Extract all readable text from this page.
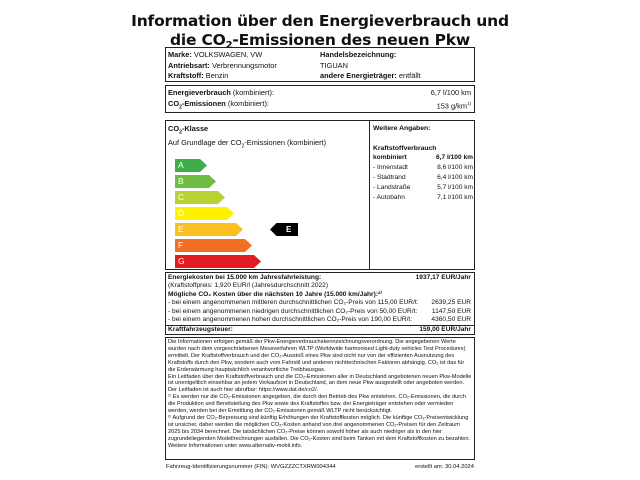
Information über den Energieverbrauch und
die $CO_2$-Emissionen des neuen Pkw
Marke: VOLKSWAGEN, VW
Antriebsart: Verbrennungsmotor
Kraftstoff: Benzin
Handelsbezeichnung:
TIGUAN
andere Energieträger: entfällt
Energieverbrauch (kombiniert):	6,7 l/100 km
$CO_2$-Emissionen (kombiniert):	153 $g/km^{1)}$
$CO_2$-Klasse
Auf Grundlage der $CO_2$-Emissionen (kombiniert)
A
B
C
D
E
F
G
E
Weitere Angaben:
Kraftstoffverbrauch
kombiniert	6,7 l/100 km
- Innenstadt	8,6 l/100 km
- Stadtrand	6,4 l/100 km
- Landstraße	5,7 l/100 km
- Autobahn	7,1 l/100 km
Energiekosten bei 15.000 km Jahresfahrleistung:	1937,17 EUR/Jahr
(Kraftstoffpreis: 1,920 EUR/l (Jahresdurchschnitt 2022)
Mögliche CO₂ Kosten über die nächsten 10 Jahre (15.000 km/Jahr):²⁾
- bei einem angenommenen mittleren durchschnittlichen CO₂-Preis von 115,00 EUR/t: 2639,25 EUR
- bei einem angenommenen niedrigen durchschnittlichen CO₂-Preis von 50,00 EUR/t: 1147,50 EUR
- bei einem angenommenen hohen durchschnittlichen CO₂-Preis von 190,00 EUR/t:	4360,50 EUR
Kraftfahrzeugsteuer:	159,00 EUR/Jahr

Die Informationen erfolgen gemäß der Pkw-Energieverbrauchskennzeichnungsverordnung. Die angegebenen Werte wurden nach dem vorgeschriebenen Messverfahren WLTP (Worldwide harmonised Light-duty vehicles Test Procedures) ermittelt. Der Kraftstoffverbrauch und der CO₂-Ausstoß eines Pkw sind nicht nur von der effizienten Ausnutzung des Kraftstoffs durch den Pkw, sondern auch vom Fahrstil und anderen nichttechnischen Faktoren abhängig. CO₂ ist das für die Erderwärmung hauptsächlich verantwortliche Treibhausgas.

Ein Leitfaden über den Kraftstoffverbrauch und die CO₂-Emissionen aller in Deutschland angebotenen neuen Pkw-Modelle ist unentgeltlich einsehbar an jedem Verkaufsort in Deutschland, an dem neue Pkw ausgestellt oder angeboten werden. Der Leitfaden ist auch hier abrufbar: https://www.dat.de/co2/.

¹⁾ Es werden nur die CO₂-Emissionen angegeben, die durch den Betrieb des Pkw entstehen. CO₂-Emissionen, die durch die Produktion und Bereitstellung des Pkw sowie des Kraftstoffes bzw. der Energieträger entstehen oder vermieden werden, werden bei der Ermittlung der CO₂-Emissionen gemäß WLTP nicht berücksichtigt.

²⁾ Aufgrund der CO₂-Bepreisung sind künftig Erhöhungen der Kraftstoffkosten möglich. Die künftige CO₂-Preisentwicklung ist unsicher, daher werden die möglichen CO₂-Kosten anhand von drei angenommenen CO₂-Preisen für den Zeitraum 2025 bis 2034 berechnet. Die tatsächlichen CO₂-Preise können sowohl höher als auch niedriger als in den hier zugrundeliegenden Modellrechnungen ausfallen. Die CO₂-Kosten sind beim Tanken mit dem Kraftstoffkosten zu bezahlen. Weitere Informationen unter www.alternativ-mobil.info.

Fahrzeug-Identifizierungsnummer (FIN): WVGZZZCTXRW004344	erstellt am: 30.04.2024
